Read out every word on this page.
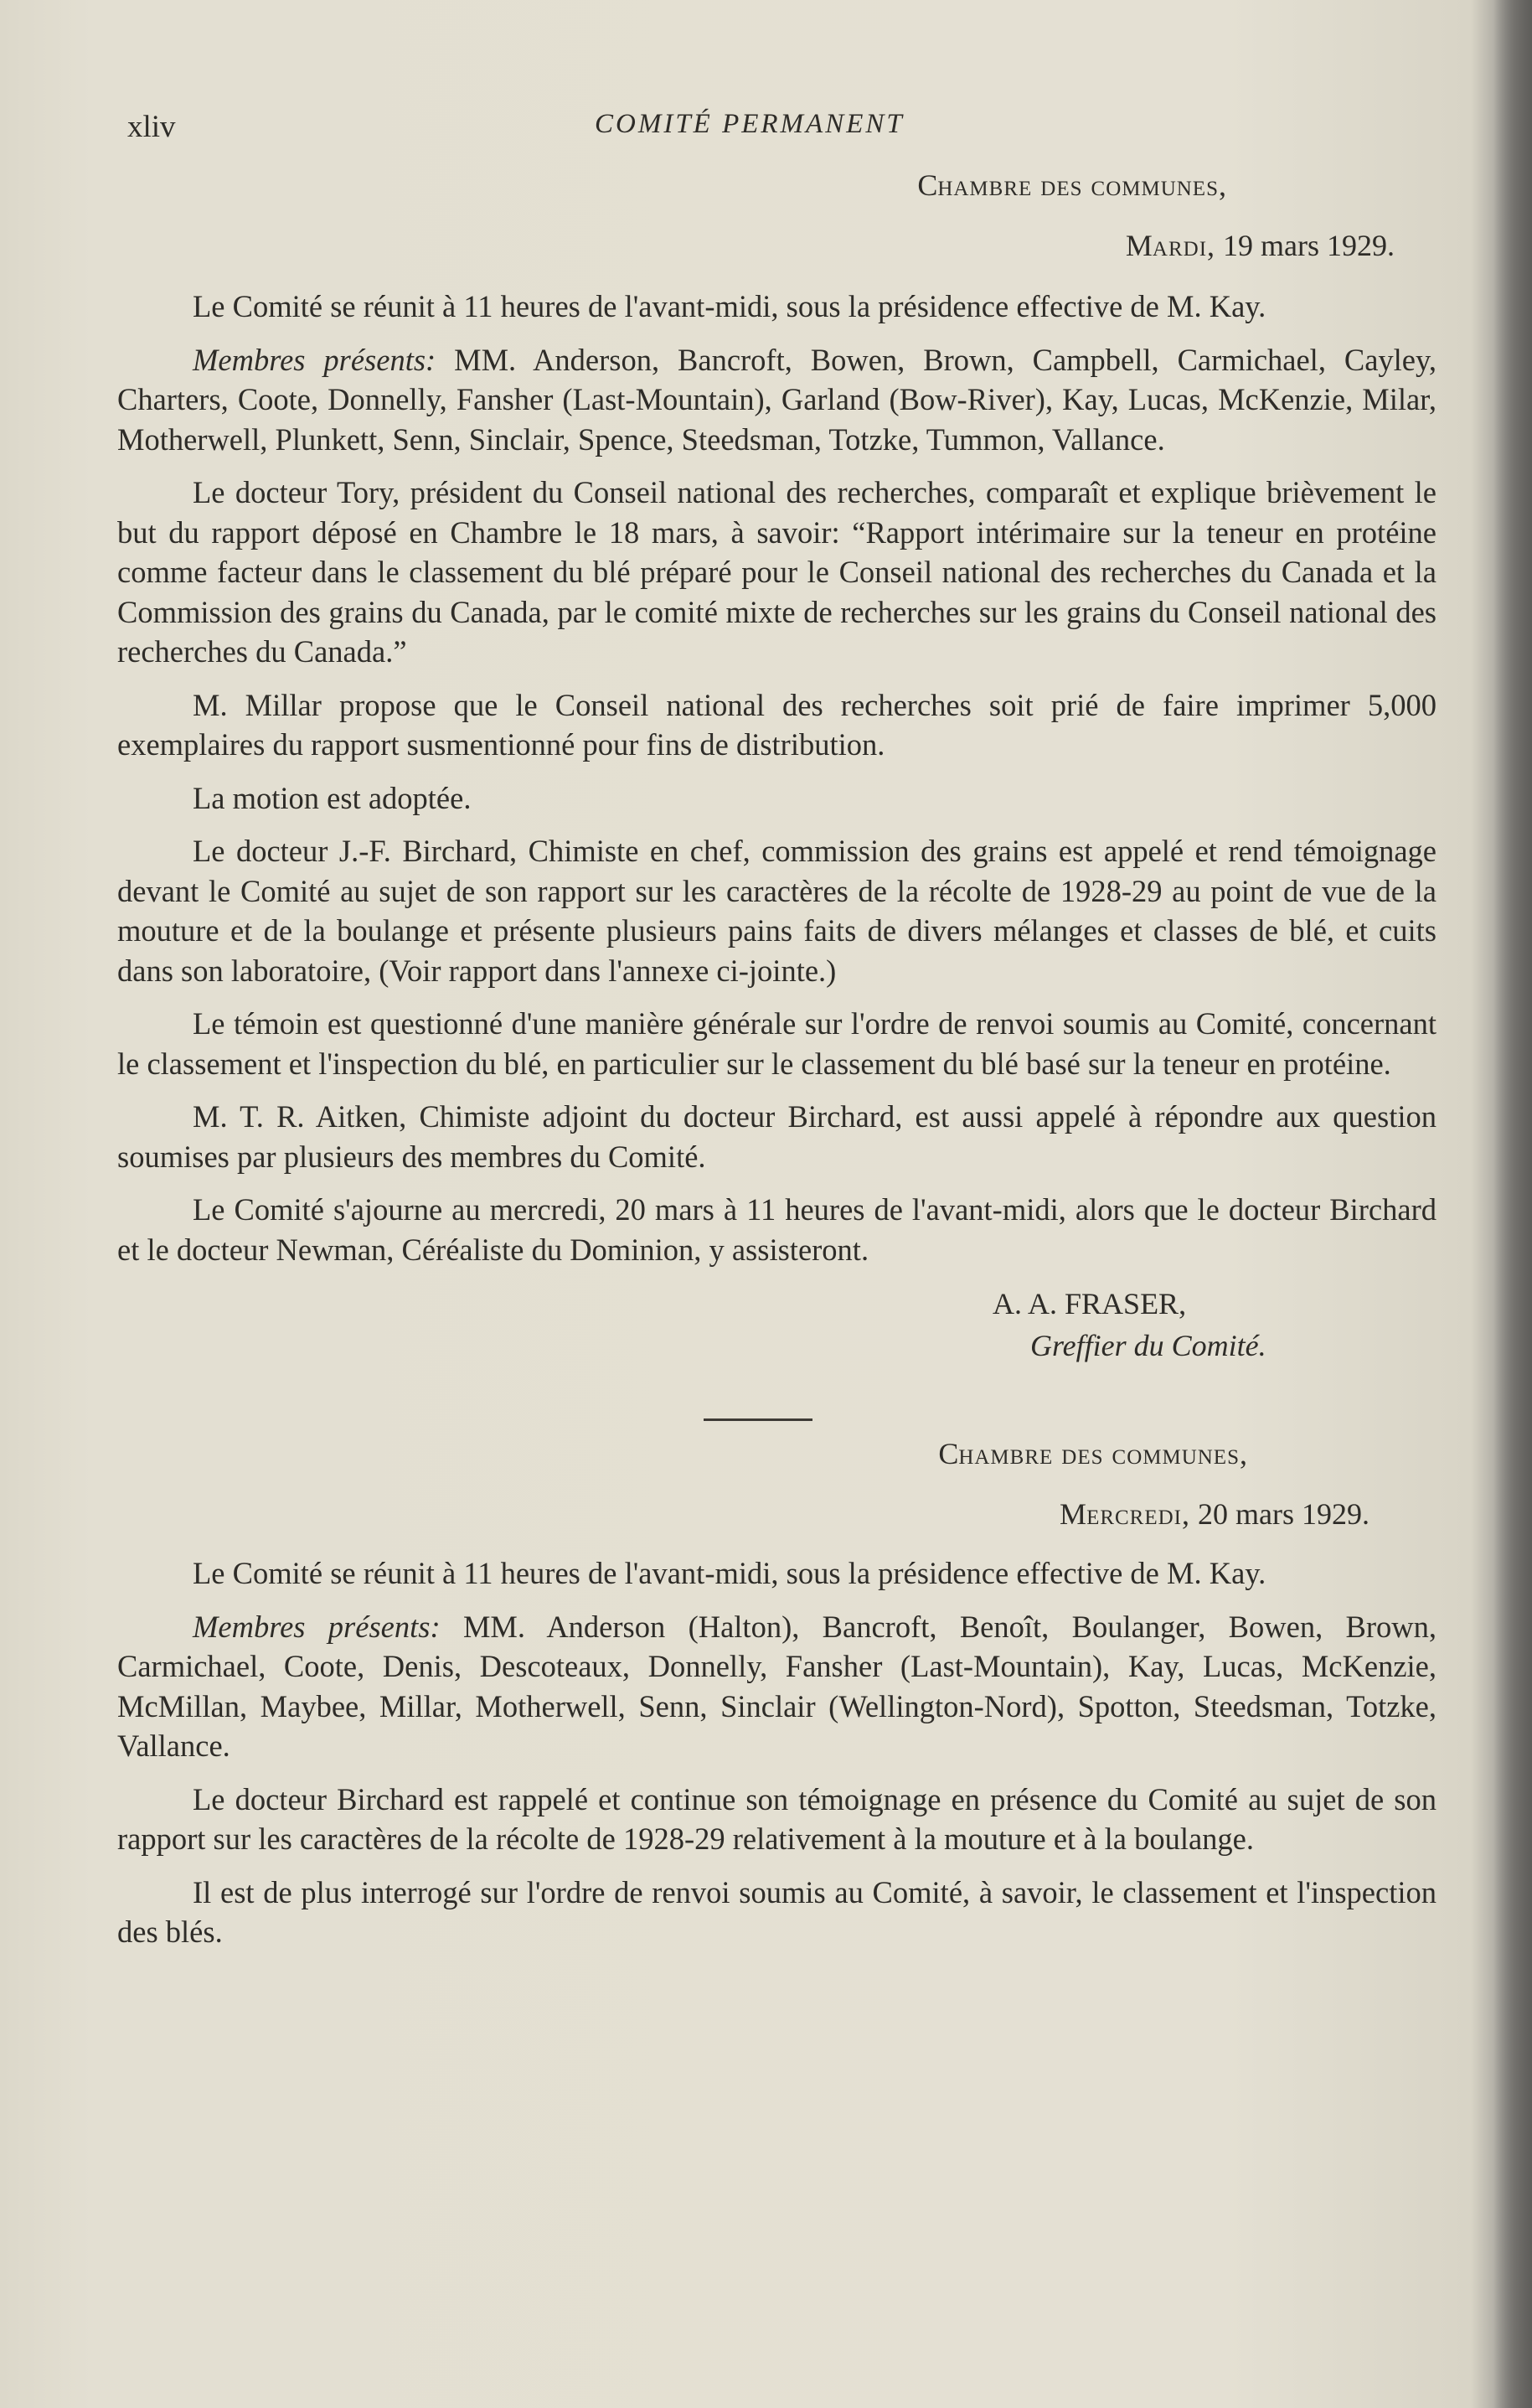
xliv	COMITÉ PERMANENT
Chambre des communes,
Mardi, 19 mars 1929.

Le Comité se réunit à 11 heures de l'avant-midi, sous la présidence effective de M. Kay.

Membres présents: MM. Anderson, Bancroft, Bowen, Brown, Campbell, Carmichael, Cayley, Charters, Coote, Donnelly, Fansher (Last-Mountain), Garland (Bow-River), Kay, Lucas, McKenzie, Milar, Motherwell, Plunkett, Senn, Sinclair, Spence, Steedsman, Totzke, Tummon, Vallance.

Le docteur Tory, président du Conseil national des recherches, comparaît et explique brièvement le but du rapport déposé en Chambre le 18 mars, à savoir: “Rapport intérimaire sur la teneur en protéine comme facteur dans le classement du blé préparé pour le Conseil national des recherches du Canada et la Commission des grains du Canada, par le comité mixte de recherches sur les grains du Conseil national des recherches du Canada.”

M. Millar propose que le Conseil national des recherches soit prié de faire imprimer 5,000 exemplaires du rapport susmentionné pour fins de distribution.

La motion est adoptée.

Le docteur J.-F. Birchard, Chimiste en chef, commission des grains est appelé et rend témoignage devant le Comité au sujet de son rapport sur les caractères de la récolte de 1928-29 au point de vue de la mouture et de la boulange et présente plusieurs pains faits de divers mélanges et classes de blé, et cuits dans son laboratoire, (Voir rapport dans l'annexe ci-jointe.)

Le témoin est questionné d'une manière générale sur l'ordre de renvoi soumis au Comité, concernant le classement et l'inspection du blé, en particulier sur le classement du blé basé sur la teneur en protéine.

M. T. R. Aitken, Chimiste adjoint du docteur Birchard, est aussi appelé à répondre aux question soumises par plusieurs des membres du Comité.

Le Comité s'ajourne au mercredi, 20 mars à 11 heures de l'avant-midi, alors que le docteur Birchard et le docteur Newman, Céréaliste du Dominion, y assisteront.

A. A. FRASER,
Greffier du Comité.
Chambre des communes,
Mercredi, 20 mars 1929.

Le Comité se réunit à 11 heures de l'avant-midi, sous la présidence effective de M. Kay.

Membres présents: MM. Anderson (Halton), Bancroft, Benoît, Boulanger, Bowen, Brown, Carmichael, Coote, Denis, Descoteaux, Donnelly, Fansher (Last-Mountain), Kay, Lucas, McKenzie, McMillan, Maybee, Millar, Motherwell, Senn, Sinclair (Wellington-Nord), Spotton, Steedsman, Totzke, Vallance.

Le docteur Birchard est rappelé et continue son témoignage en présence du Comité au sujet de son rapport sur les caractères de la récolte de 1928-29 relativement à la mouture et à la boulange.

Il est de plus interrogé sur l'ordre de renvoi soumis au Comité, à savoir, le classement et l'inspection des blés.
